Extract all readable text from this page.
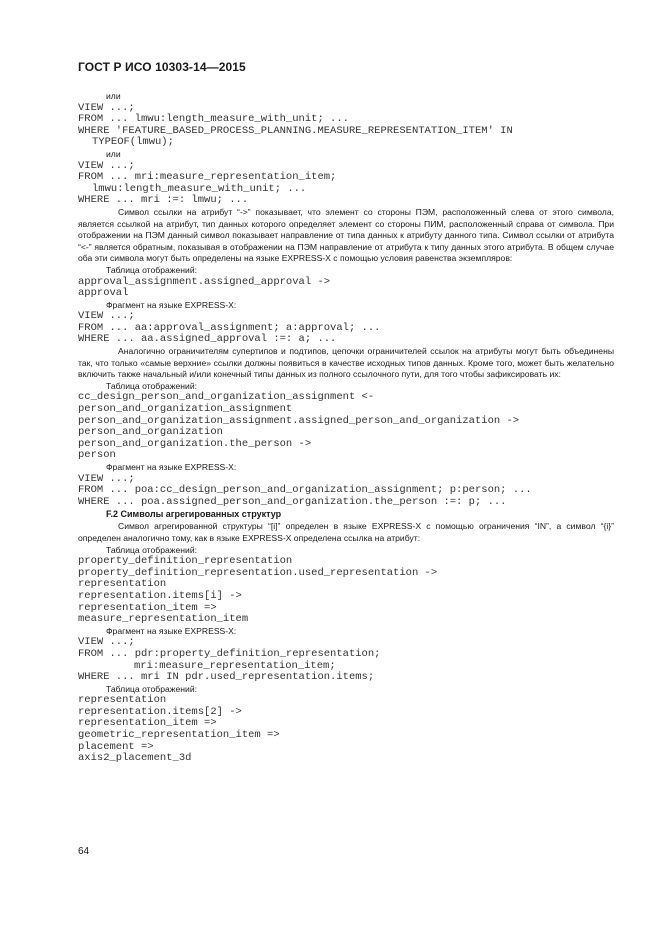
ГОСТ Р ИСО 10303-14—2015
или
VIEW ...;
FROM ... lmwu:length_measure_with_unit; ...
WHERE 'FEATURE_BASED_PROCESS_PLANNING.MEASURE_REPRESENTATION_ITEM' IN
TYPEOF(lmwu);
или
VIEW ...;
FROM ... mri:measure_representation_item;
lmwu:length_measure_with_unit; ...
WHERE ... mri :=: lmwu; ...
Символ ссылки на атрибут “->” показывает, что элемент со стороны ПЭМ, расположенный слева от этого символа, является ссылкой на атрибут, тип данных которого определяет элемент со стороны ПИМ, расположенный справа от символа. При отображении на ПЭМ данный символ показывает направление от типа данных к атрибуту данного типа. Символ ссылки от атрибута “<-” является обратным, показывая в отображении на ПЭМ направление от атрибута к типу данных этого атрибута. В общем случае оба эти символа могут быть определены на языке EXPRESS-X с помощью условия равенства экземпляров:
Таблица отображений:
approval_assignment.assigned_approval ->
approval
Фрагмент на языке EXPRESS-X:
VIEW ...;
FROM ... aa:approval_assignment; a:approval; ...
WHERE ... aa.assigned_approval :=: a; ...
Аналогично ограничителям супертипов и подтипов, цепочки ограничителей ссылок на атрибуты могут быть объединены так, что только «самые верхние» ссылки должны появиться в качестве исходных типов данных. Кроме того, может быть желательно включить также начальный и/или конечный типы данных из полного ссылочного пути, для того чтобы зафиксировать их:
Таблица отображений:
cc_design_person_and_organization_assignment <-
person_and_organization_assignment
person_and_organization_assignment.assigned_person_and_organization ->
person_and_organization
person_and_organization.the_person ->
person
Фрагмент на языке EXPRESS-X:
VIEW ...;
FROM ... poa:cc_design_person_and_organization_assignment; p:person; ...
WHERE ... poa.assigned_person_and_organization.the_person :=: p; ...
F.2 Символы агрегированных структур
Символ агрегированной структуры “[i]” определен в языке EXPRESS-X с помощью ограничения “IN”, а символ “{i}” определен аналогично тому, как в языке EXPRESS-X определена ссылка на атрибут:
Таблица отображений:
property_definition_representation
property_definition_representation.used_representation ->
representation
representation.items[i] ->
representation_item =>
measure_representation_item
Фрагмент на языке EXPRESS-X:
VIEW ...;
FROM ... pdr:property_definition_representation;
mri:measure_representation_item;
WHERE ... mri IN pdr.used_representation.items;
Таблица отображений:
representation
representation.items[2] ->
representation_item =>
geometric_representation_item =>
placement =>
axis2_placement_3d
64
